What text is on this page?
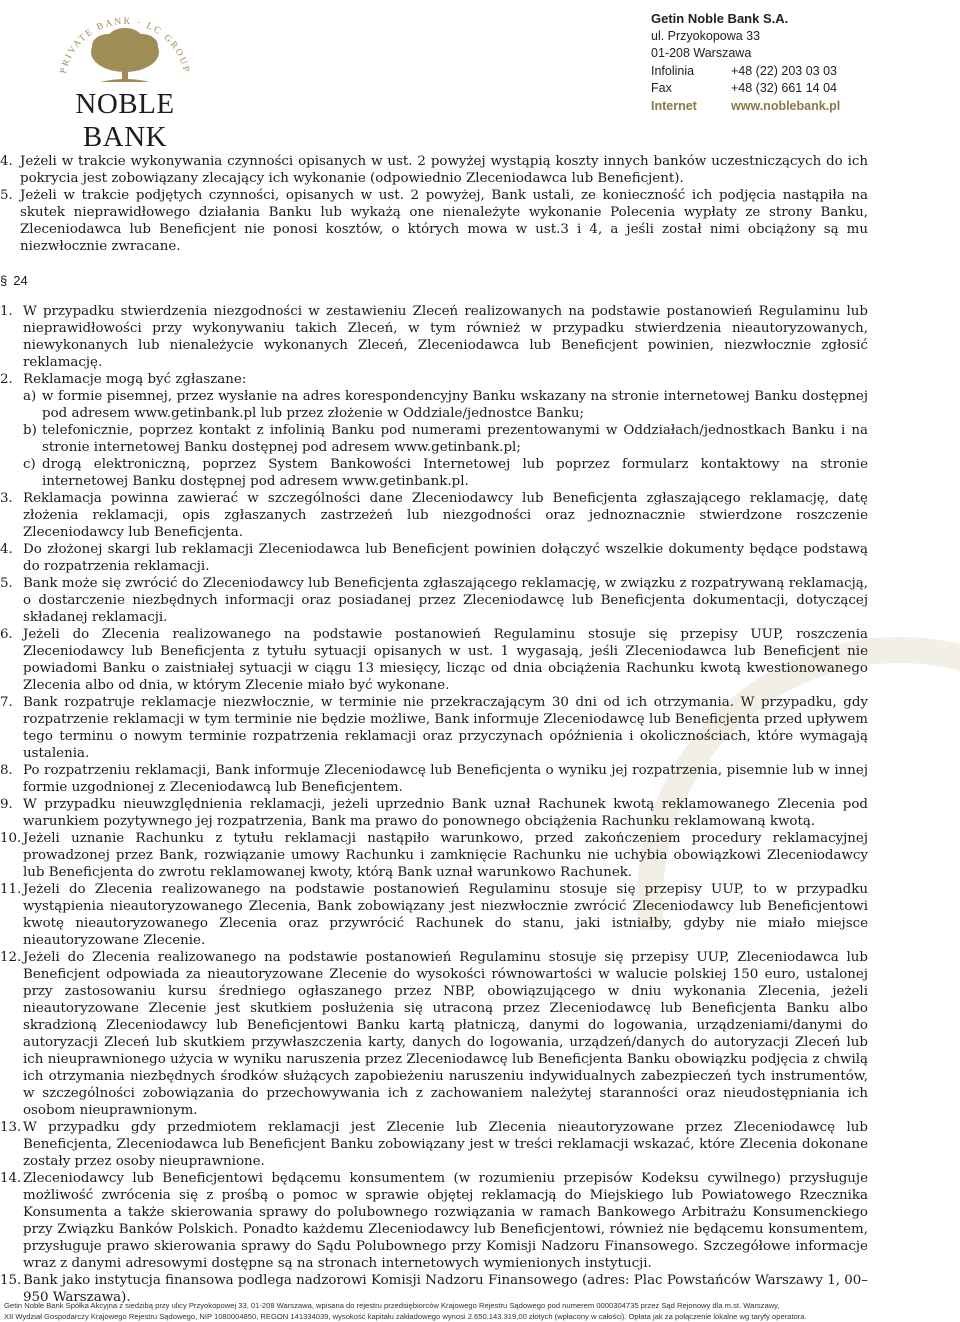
PRIVATE BANK · LC GROUP
NOBLE BANK
Getin Noble Bank S.A.
ul. Przyokopowa 33
01-208 Warszawa
Infolinia	+48 (22) 203 03 03
Fax	+48 (32) 661 14 04
Internet	www.noblebank.pl
4. Jeżeli w trakcie wykonywania czynności opisanych w ust. 2 powyżej wystąpią koszty innych banków uczestniczących do ich pokrycia jest zobowiązany zlecający ich wykonanie (odpowiednio Zleceniodawca lub Beneficjent).
5. Jeżeli w trakcie podjętych czynności, opisanych w ust. 2 powyżej, Bank ustali, ze konieczność ich podjęcia nastąpiła na skutek nieprawidłowego działania Banku lub wykażą one nienależyte wykonanie Polecenia wypłaty ze strony Banku, Zleceniodawca lub Beneficjent nie ponosi kosztów, o których mowa w ust.3 i 4, a jeśli został nimi obciążony są mu niezwłocznie zwracane.
§ 24
1. W przypadku stwierdzenia niezgodności w zestawieniu Zleceń realizowanych na podstawie postanowień Regulaminu lub nieprawidłowości przy wykonywaniu takich Zleceń, w tym również w przypadku stwierdzenia nieautoryzowanych, niewykonanych lub nienależycie wykonanych Zleceń, Zleceniodawca lub Beneficjent powinien, niezwłocznie zgłosić reklamację.
2. Reklamacje mogą być zgłaszane:
a) w formie pisemnej, przez wysłanie na adres korespondencyjny Banku wskazany na stronie internetowej Banku dostępnej pod adresem www.getinbank.pl lub przez złożenie w Oddziale/jednostce Banku;
b) telefonicznie, poprzez kontakt z infolinią Banku pod numerami prezentowanymi w Oddziałach/jednostkach Banku i na stronie internetowej Banku dostępnej pod adresem www.getinbank.pl;
c) drogą elektroniczną, poprzez System Bankowości Internetowej lub poprzez formularz kontaktowy na stronie internetowej Banku dostępnej pod adresem www.getinbank.pl.
3. Reklamacja powinna zawierać w szczególności dane Zleceniodawcy lub Beneficjenta zgłaszającego reklamację, datę złożenia reklamacji, opis zgłaszanych zastrzeżeń lub niezgodności oraz jednoznacznie stwierdzone roszczenie Zleceniodawcy lub Beneficjenta.
4. Do złożonej skargi lub reklamacji Zleceniodawca lub Beneficjent powinien dołączyć wszelkie dokumenty będące podstawą do rozpatrzenia reklamacji.
5. Bank może się zwrócić do Zleceniodawcy lub Beneficjenta zgłaszającego reklamację, w związku z rozpatrywaną reklamacją, o dostarczenie niezbędnych informacji oraz posiadanej przez Zleceniodawcę lub Beneficjenta dokumentacji, dotyczącej składanej reklamacji.
6. Jeżeli do Zlecenia realizowanego na podstawie postanowień Regulaminu stosuje się przepisy UUP, roszczenia Zleceniodawcy lub Beneficjenta z tytułu sytuacji opisanych w ust. 1 wygasają, jeśli Zleceniodawca lub Beneficjent nie powiadomi Banku o zaistniałej sytuacji w ciągu 13 miesięcy, licząc od dnia obciążenia Rachunku kwotą kwestionowanego Zlecenia albo od dnia, w którym Zlecenie miało być wykonane.
7. Bank rozpatruje reklamacje niezwłocznie, w terminie nie przekraczającym 30 dni od ich otrzymania. W przypadku, gdy rozpatrzenie reklamacji w tym terminie nie będzie możliwe, Bank informuje Zleceniodawcę lub Beneficjenta przed upływem tego terminu o nowym terminie rozpatrzenia reklamacji oraz przyczynach opóźnienia i okolicznościach, które wymagają ustalenia.
8. Po rozpatrzeniu reklamacji, Bank informuje Zleceniodawcę lub Beneficjenta o wyniku jej rozpatrzenia, pisemnie lub w innej formie uzgodnionej z Zleceniodawcą lub Beneficjentem.
9. W przypadku nieuwzględnienia reklamacji, jeżeli uprzednio Bank uznał Rachunek kwotą reklamowanego Zlecenia pod warunkiem pozytywnego jej rozpatrzenia, Bank ma prawo do ponownego obciążenia Rachunku reklamowaną kwotą.
10. Jeżeli uznanie Rachunku z tytułu reklamacji nastąpiło warunkowo, przed zakończeniem procedury reklamacyjnej prowadzonej przez Bank, rozwiązanie umowy Rachunku i zamknięcie Rachunku nie uchybia obowiązkowi Zleceniodawcy lub Beneficjenta do zwrotu reklamowanej kwoty, którą Bank uznał warunkowo Rachunek.
11. Jeżeli do Zlecenia realizowanego na podstawie postanowień Regulaminu stosuje się przepisy UUP, to w przypadku wystąpienia nieautoryzowanego Zlecenia, Bank zobowiązany jest niezwłocznie zwrócić Zleceniodawcy lub Beneficjentowi kwotę nieautoryzowanego Zlecenia oraz przywrócić Rachunek do stanu, jaki istniałby, gdyby nie miało miejsce nieautoryzowane Zlecenie.
12. Jeżeli do Zlecenia realizowanego na podstawie postanowień Regulaminu stosuje się przepisy UUP, Zleceniodawca lub Beneficjent odpowiada za nieautoryzowane Zlecenie do wysokości równowartości w walucie polskiej 150 euro, ustalonej przy zastosowaniu kursu średniego ogłaszanego przez NBP, obowiązującego w dniu wykonania Zlecenia, jeżeli nieautoryzowane Zlecenie jest skutkiem posłużenia się utraconą przez Zleceniodawcę lub Beneficjenta Banku albo skradzioną Zleceniodawcy lub Beneficjentowi Banku kartą płatniczą, danymi do logowania, urządzeniami/danymi do autoryzacji Zleceń lub skutkiem przywłaszczenia karty, danych do logowania, urządzeń/danych do autoryzacji Zleceń lub ich nieuprawnionego użycia w wyniku naruszenia przez Zleceniodawcę lub Beneficjenta Banku obowiązku podjęcia z chwilą ich otrzymania niezbędnych środków służących zapobieżeniu naruszeniu indywidualnych zabezpieczeń tych instrumentów, w szczególności zobowiązania do przechowywania ich z zachowaniem należytej staranności oraz nieudostępniania ich osobom nieuprawnionym.
13. W przypadku gdy przedmiotem reklamacji jest Zlecenie lub Zlecenia nieautoryzowane przez Zleceniodawcę lub Beneficjenta, Zleceniodawca lub Beneficjent Banku zobowiązany jest w treści reklamacji wskazać, które Zlecenia dokonane zostały przez osoby nieuprawnione.
14. Zleceniodawcy lub Beneficjentowi będącemu konsumentem (w rozumieniu przepisów Kodeksu cywilnego) przysługuje możliwość zwrócenia się z prośbą o pomoc w sprawie objętej reklamacją do Miejskiego lub Powiatowego Rzecznika Konsumenta a także skierowania sprawy do polubownego rozwiązania w ramach Bankowego Arbitrażu Konsumenckiego przy Związku Banków Polskich. Ponadto każdemu Zleceniodawcy lub Beneficjentowi, również nie będącemu konsumentem, przysługuje prawo skierowania sprawy do Sądu Polubownego przy Komisji Nadzoru Finansowego. Szczegółowe informacje wraz z danymi adresowymi dostępne są na stronach internetowych wymienionych instytucji.
15. Bank jako instytucja finansowa podlega nadzorowi Komisji Nadzoru Finansowego (adres: Plac Powstańców Warszawy 1, 00–950 Warszawa).
Getin Noble Bank Spółka Akcyjna z siedzibą przy ulicy Przyokopowej 33, 01-208 Warszawa, wpisana do rejestru przedsiębiorców Krajowego Rejestru Sądowego pod numerem 0000304735 przez Sąd Rejonowy dla m.st. Warszawy,
XII Wydział Gospodarczy Krajowego Rejestru Sądowego, NIP 1080004850, REGON 141334039, wysokość kapitału zakładowego wynosi 2.650.143.319,00 złotych (wpłacony w całości). Opłata jak za połączenie lokalne wg taryfy operatora.
